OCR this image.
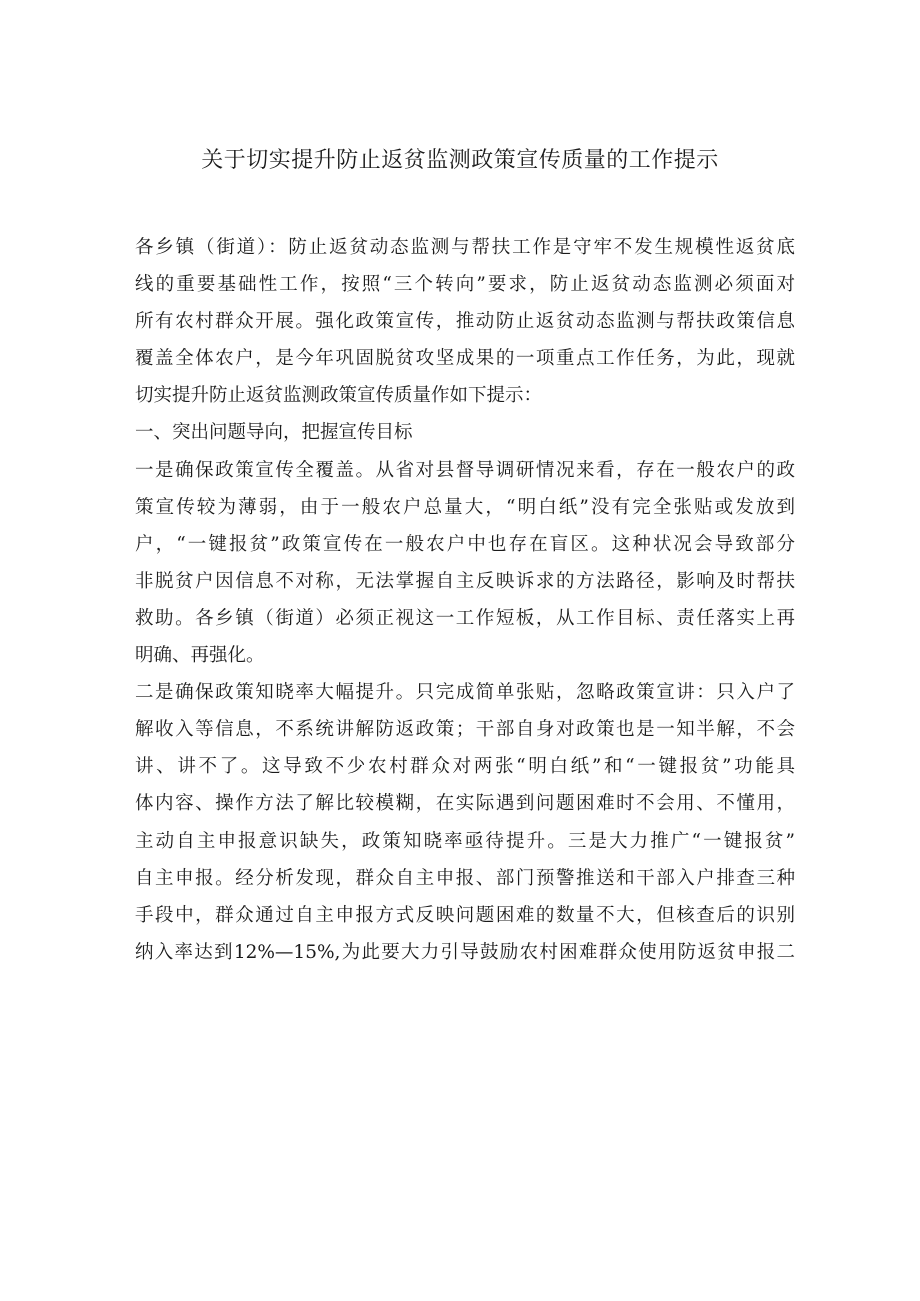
关于切实提升防止返贫监测政策宣传质量的工作提示
各乡镇（街道）：防止返贫动态监测与帮扶工作是守牢不发生规模性返贫底
线的重要基础性工作，按照“三个转向”要求，防止返贫动态监测必须面对
所有农村群众开展。强化政策宣传，推动防止返贫动态监测与帮扶政策信息
覆盖全体农户，是今年巩固脱贫攻坚成果的一项重点工作任务，为此，现就
切实提升防止返贫监测政策宣传质量作如下提示：
一、突出问题导向，把握宣传目标
一是确保政策宣传全覆盖。从省对县督导调研情况来看，存在一般农户的政
策宣传较为薄弱，由于一般农户总量大，“明白纸”没有完全张贴或发放到
户，“一键报贫”政策宣传在一般农户中也存在盲区。这种状况会导致部分
非脱贫户因信息不对称，无法掌握自主反映诉求的方法路径，影响及时帮扶
救助。各乡镇（街道）必须正视这一工作短板，从工作目标、责任落实上再
明确、再强化。
二是确保政策知晓率大幅提升。只完成简单张贴，忽略政策宣讲：只入户了
解收入等信息，不系统讲解防返政策；干部自身对政策也是一知半解，不会
讲、讲不了。这导致不少农村群众对两张“明白纸”和“一键报贫”功能具
体内容、操作方法了解比较模糊，在实际遇到问题困难时不会用、不懂用，
主动自主申报意识缺失，政策知晓率亟待提升。三是大力推广“一键报贫”
自主申报。经分析发现，群众自主申报、部门预警推送和干部入户排查三种
手段中，群众通过自主申报方式反映问题困难的数量不大，但核查后的识别
纳入率达到12%—15%,为此要大力引导鼓励农村困难群众使用防返贫申报二
